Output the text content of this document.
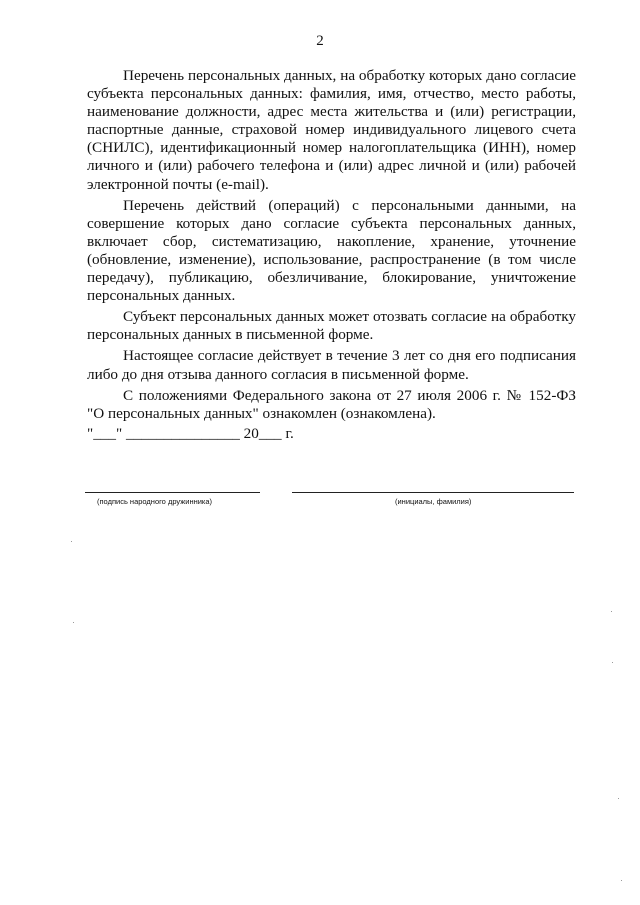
2

Перечень персональных данных, на обработку которых дано согласие субъекта персональных данных: фамилия, имя, отчество, место работы, наименование должности, адрес места жительства и (или) регистрации, паспортные данные, страховой номер индивидуального лицевого счета (СНИЛС), идентификационный номер налогоплательщика (ИНН), номер личного и (или) рабочего телефона и (или) адрес личной и (или) рабочей электронной почты (e-mail).

Перечень действий (операций) с персональными данными, на совершение которых дано согласие субъекта персональных данных, включает сбор, систематизацию, накопление, хранение, уточнение (обновление, изменение), использование, распространение (в том числе передачу), публикацию, обезличивание, блокирование, уничтожение персональных данных.

Субъект персональных данных может отозвать согласие на обработку персональных данных в письменной форме.

Настоящее согласие действует в течение 3 лет со дня его подписания либо до дня отзыва данного согласия в письменной форме.

С положениями Федерального закона от 27 июля 2006 г. № 152-ФЗ "О персональных данных" ознакомлен (ознакомлена).

"___" _______________ 20___ г.
(подпись народного дружинника)	(инициалы, фамилия)
